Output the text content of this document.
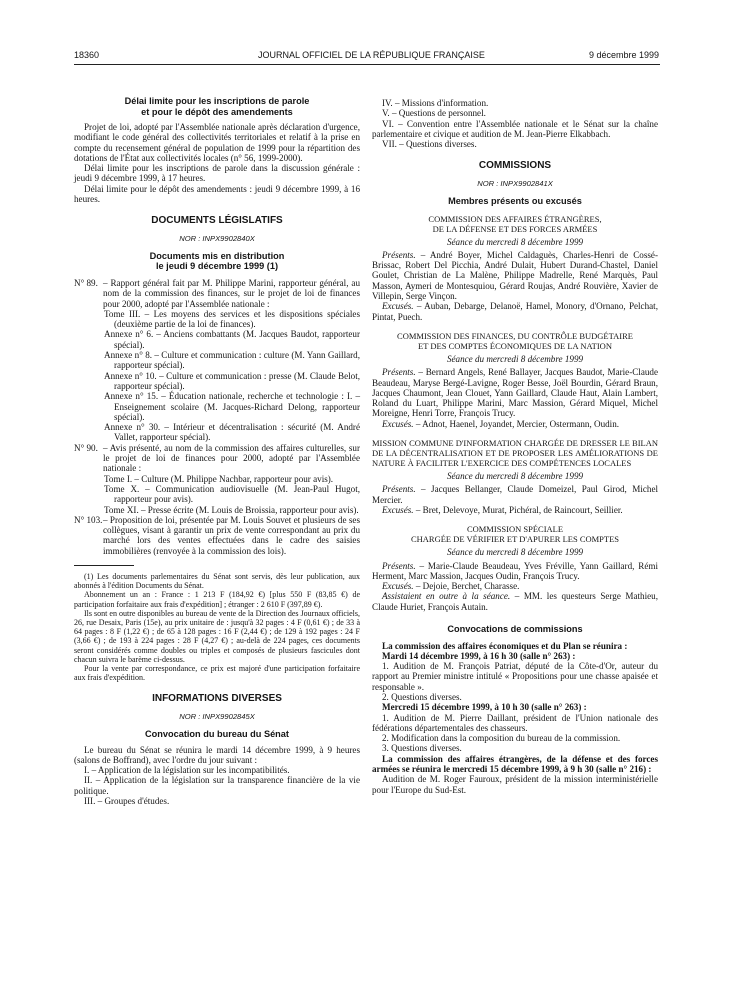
18360	JOURNAL OFFICIEL DE LA RÉPUBLIQUE FRANÇAISE	9 décembre 1999
Délai limite pour les inscriptions de parole
et pour le dépôt des amendements

Projet de loi, adopté par l'Assemblée nationale après déclaration d'urgence, modifiant le code général des collectivités territoriales et relatif à la prise en compte du recensement général de population de 1999 pour la répartition des dotations de l'État aux collectivités locales (n° 56, 1999-2000).

Délai limite pour les inscriptions de parole dans la discussion générale : jeudi 9 décembre 1999, à 17 heures.

Délai limite pour le dépôt des amendements : jeudi 9 décembre 1999, à 16 heures.

DOCUMENTS LÉGISLATIFS
NOR : INPX9902840X
Documents mis en distribution
le jeudi 9 décembre 1999 (1)
N° 89. – Rapport général fait par M. Philippe Marini, rapporteur général, au nom de la commission des finances, sur le projet de loi de finances pour 2000, adopté par l'Assemblée nationale :
Tome III. – Les moyens des services et les dispositions spéciales (deuxième partie de la loi de finances).
Annexe n° 6. – Anciens combattants (M. Jacques Baudot, rapporteur spécial).
Annexe n° 8. – Culture et communication : culture (M. Yann Gaillard, rapporteur spécial).
Annexe n° 10. – Culture et communication : presse (M. Claude Belot, rapporteur spécial).
Annexe n° 15. – Éducation nationale, recherche et technologie : I. – Enseignement scolaire (M. Jacques-Richard Delong, rapporteur spécial).
Annexe n° 30. – Intérieur et décentralisation : sécurité (M. André Vallet, rapporteur spécial).
N° 90. – Avis présenté, au nom de la commission des affaires culturelles, sur le projet de loi de finances pour 2000, adopté par l'Assemblée nationale :
Tome I. – Culture (M. Philippe Nachbar, rapporteur pour avis).
Tome X. – Communication audiovisuelle (M. Jean-Paul Hugot, rapporteur pour avis).
Tome XI. – Presse écrite (M. Louis de Broissia, rapporteur pour avis).
N° 103. – Proposition de loi, présentée par M. Louis Souvet et plusieurs de ses collègues, visant à garantir un prix de vente correspondant au prix du marché lors des ventes effectuées dans le cadre des saisies immobilières (renvoyée à la commission des lois).

(1) Les documents parlementaires du Sénat sont servis, dès leur publication, aux abonnés à l'édition Documents du Sénat.

Abonnement un an : France : 1 213 F (184,92 €) [plus 550 F (83,85 €) de participation forfaitaire aux frais d'expédition] ; étranger : 2 610 F (397,89 €).

Ils sont en outre disponibles au bureau de vente de la Direction des Journaux officiels, 26, rue Desaix, Paris (15e), au prix unitaire de : jusqu'à 32 pages : 4 F (0,61 €) ; de 33 à 64 pages : 8 F (1,22 €) ; de 65 à 128 pages : 16 F (2,44 €) ; de 129 à 192 pages : 24 F (3,66 €) ; de 193 à 224 pages : 28 F (4,27 €) ; au-delà de 224 pages, ces documents seront considérés comme doubles ou triples et composés de plusieurs fascicules dont chacun suivra le barème ci-dessus.

Pour la vente par correspondance, ce prix est majoré d'une participation forfaitaire aux frais d'expédition.

INFORMATIONS DIVERSES
NOR : INPX9902845X
Convocation du bureau du Sénat

Le bureau du Sénat se réunira le mardi 14 décembre 1999, à 9 heures (salons de Boffrand), avec l'ordre du jour suivant :

I. – Application de la législation sur les incompatibilités.

II. – Application de la législation sur la transparence financière de la vie politique.

III. – Groupes d'études.

IV. – Missions d'information.

V. – Questions de personnel.

VI. – Convention entre l'Assemblée nationale et le Sénat sur la chaîne parlementaire et civique et audition de M. Jean-Pierre Elkabbach.

VII. – Questions diverses.

COMMISSIONS
NOR : INPX9902841X
Membres présents ou excusés
COMMISSION DES AFFAIRES ÉTRANGÈRES,
DE LA DÉFENSE ET DES FORCES ARMÉES
Séance du mercredi 8 décembre 1999

Présents. – André Boyer, Michel Caldaguès, Charles-Henri de Cossé-Brissac, Robert Del Picchia, André Dulait, Hubert Durand-Chastel, Daniel Goulet, Christian de La Malène, Philippe Madrelle, René Marquès, Paul Masson, Aymeri de Montesquiou, Gérard Roujas, André Rouvière, Xavier de Villepin, Serge Vinçon.

Excusés. – Auban, Debarge, Delanoë, Hamel, Monory, d'Ornano, Pelchat, Pintat, Puech.

COMMISSION DES FINANCES, DU CONTRÔLE BUDGÉTAIRE
ET DES COMPTES ÉCONOMIQUES DE LA NATION
Séance du mercredi 8 décembre 1999

Présents. – Bernard Angels, René Ballayer, Jacques Baudot, Marie-Claude Beaudeau, Maryse Bergé-Lavigne, Roger Besse, Joël Bourdin, Gérard Braun, Jacques Chaumont, Jean Clouet, Yann Gaillard, Claude Haut, Alain Lambert, Roland du Luart, Philippe Marini, Marc Massion, Gérard Miquel, Michel Moreigne, Henri Torre, François Trucy.

Excusés. – Adnot, Haenel, Joyandet, Mercier, Ostermann, Oudin.

MISSION COMMUNE D'INFORMATION CHARGÉE DE DRESSER LE BILAN DE LA DÉCENTRALISATION ET DE PROPOSER LES AMÉLIORATIONS DE NATURE À FACILITER L'EXERCICE DES COMPÉTENCES LOCALES
Séance du mercredi 8 décembre 1999

Présents. – Jacques Bellanger, Claude Domeizel, Paul Girod, Michel Mercier.

Excusés. – Bret, Delevoye, Murat, Pichéral, de Raincourt, Seillier.

COMMISSION SPÉCIALE
CHARGÉE DE VÉRIFIER ET D'APURER LES COMPTES
Séance du mercredi 8 décembre 1999

Présents. – Marie-Claude Beaudeau, Yves Fréville, Yann Gaillard, Rémi Herment, Marc Massion, Jacques Oudin, François Trucy.

Excusés. – Dejoie, Berchet, Charasse.

Assistaient en outre à la séance. – MM. les questeurs Serge Mathieu, Claude Huriet, François Autain.

Convocations de commissions

La commission des affaires économiques et du Plan se réunira :

Mardi 14 décembre 1999, à 16 h 30 (salle n° 263) :

1. Audition de M. François Patriat, député de la Côte-d'Or, auteur du rapport au Premier ministre intitulé « Propositions pour une chasse apaisée et responsable ».

2. Questions diverses.

Mercredi 15 décembre 1999, à 10 h 30 (salle n° 263) :

1. Audition de M. Pierre Daillant, président de l'Union nationale des fédérations départementales des chasseurs.

2. Modification dans la composition du bureau de la commission.

3. Questions diverses.

La commission des affaires étrangères, de la défense et des forces armées se réunira le mercredi 15 décembre 1999, à 9 h 30 (salle n° 216) :

Audition de M. Roger Fauroux, président de la mission interministérielle pour l'Europe du Sud-Est.
